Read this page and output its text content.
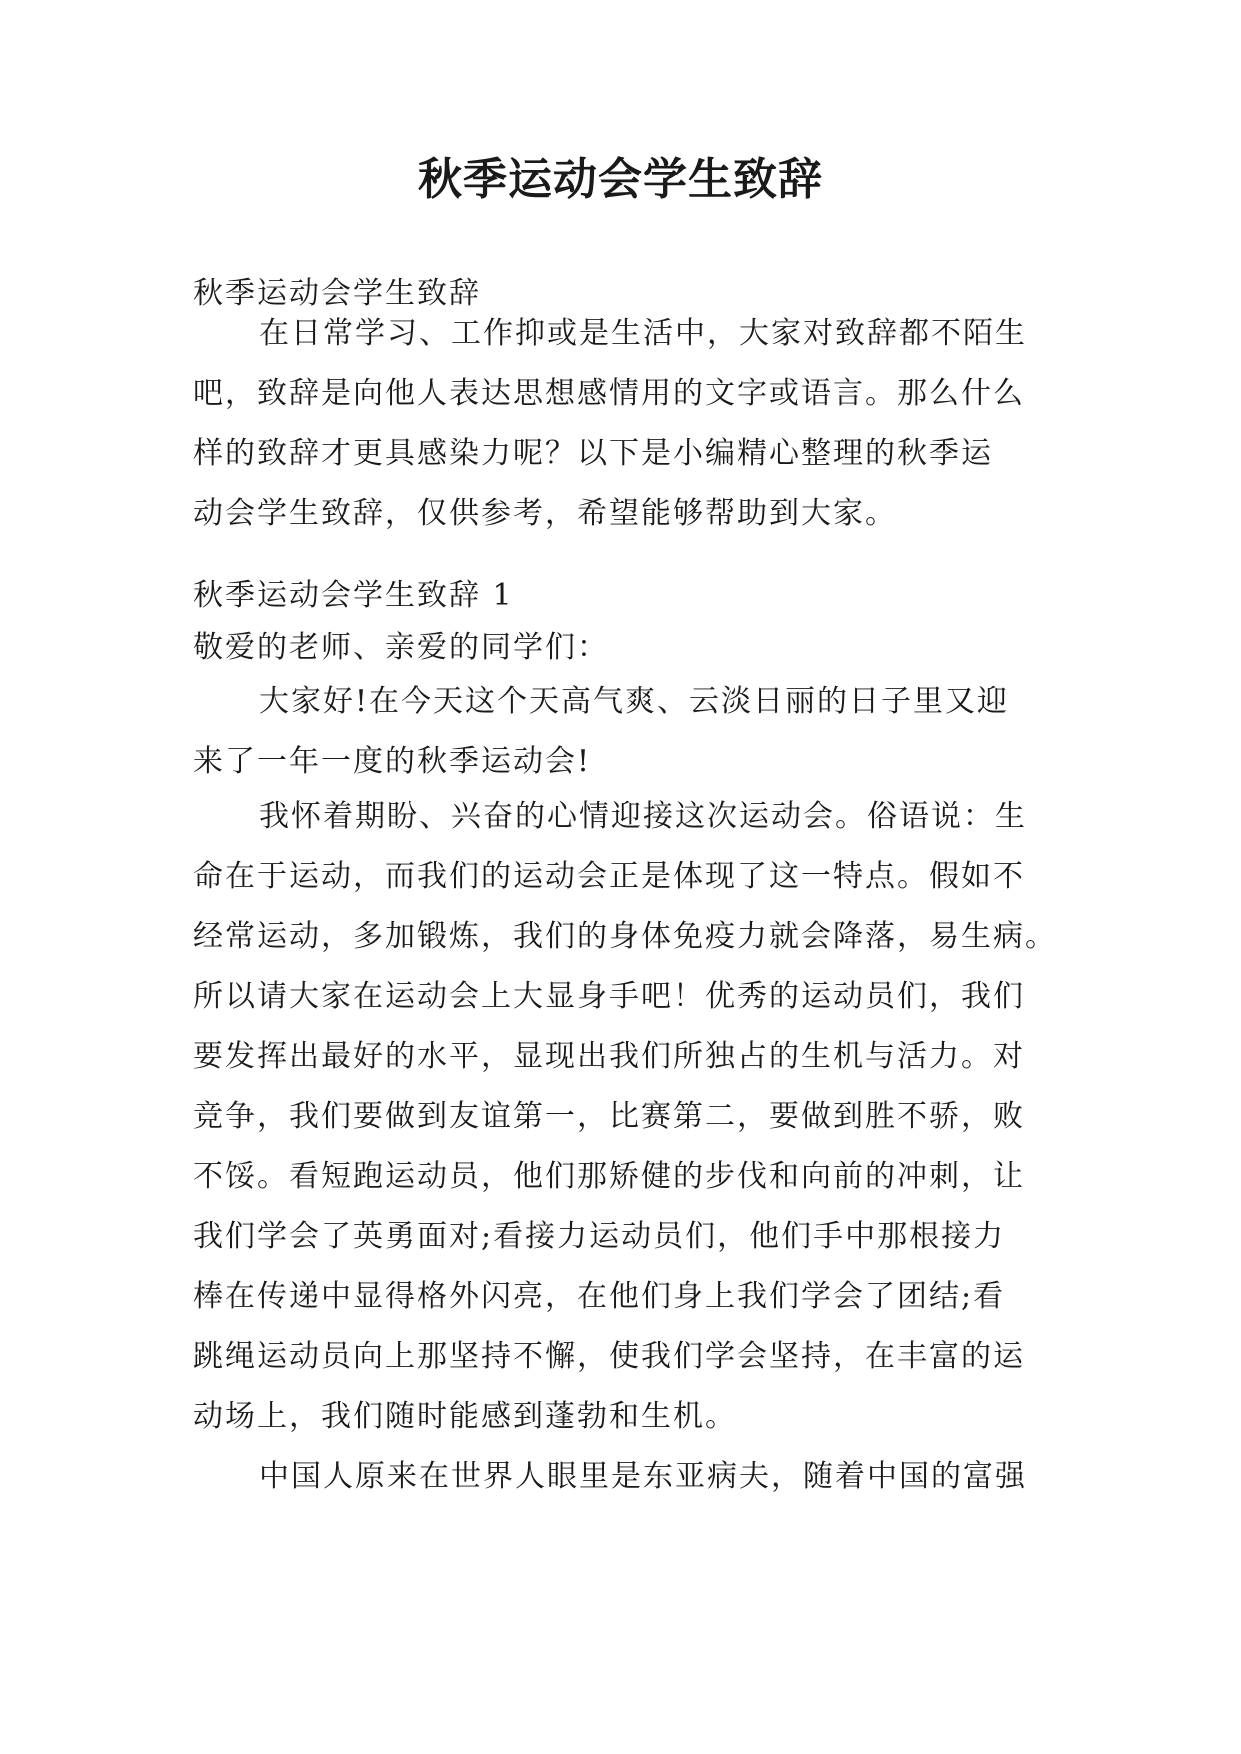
秋季运动会学生致辞

秋季运动会学生致辞

在日常学习、工作抑或是生活中，大家对致辞都不陌生
吧，致辞是向他人表达思想感情用的文字或语言。那么什么
样的致辞才更具感染力呢？以下是小编精心整理的秋季运
动会学生致辞，仅供参考，希望能够帮助到大家。

秋季运动会学生致辞 1

敬爱的老师、亲爱的同学们：

大家好!在今天这个天高气爽、云淡日丽的日子里又迎
来了一年一度的秋季运动会!
我怀着期盼、兴奋的心情迎接这次运动会。俗语说：生
命在于运动，而我们的运动会正是体现了这一特点。假如不
经常运动，多加锻炼，我们的身体免疫力就会降落，易生病。
所以请大家在运动会上大显身手吧！优秀的运动员们，我们
要发挥出最好的水平，显现出我们所独占的生机与活力。对
竞争，我们要做到友谊第一，比赛第二，要做到胜不骄，败
不馁。看短跑运动员，他们那矫健的步伐和向前的冲刺，让
我们学会了英勇面对;看接力运动员们，他们手中那根接力
棒在传递中显得格外闪亮，在他们身上我们学会了团结;看
跳绳运动员向上那坚持不懈，使我们学会坚持，在丰富的运
动场上，我们随时能感到蓬勃和生机。
中国人原来在世界人眼里是东亚病夫，随着中国的富强
